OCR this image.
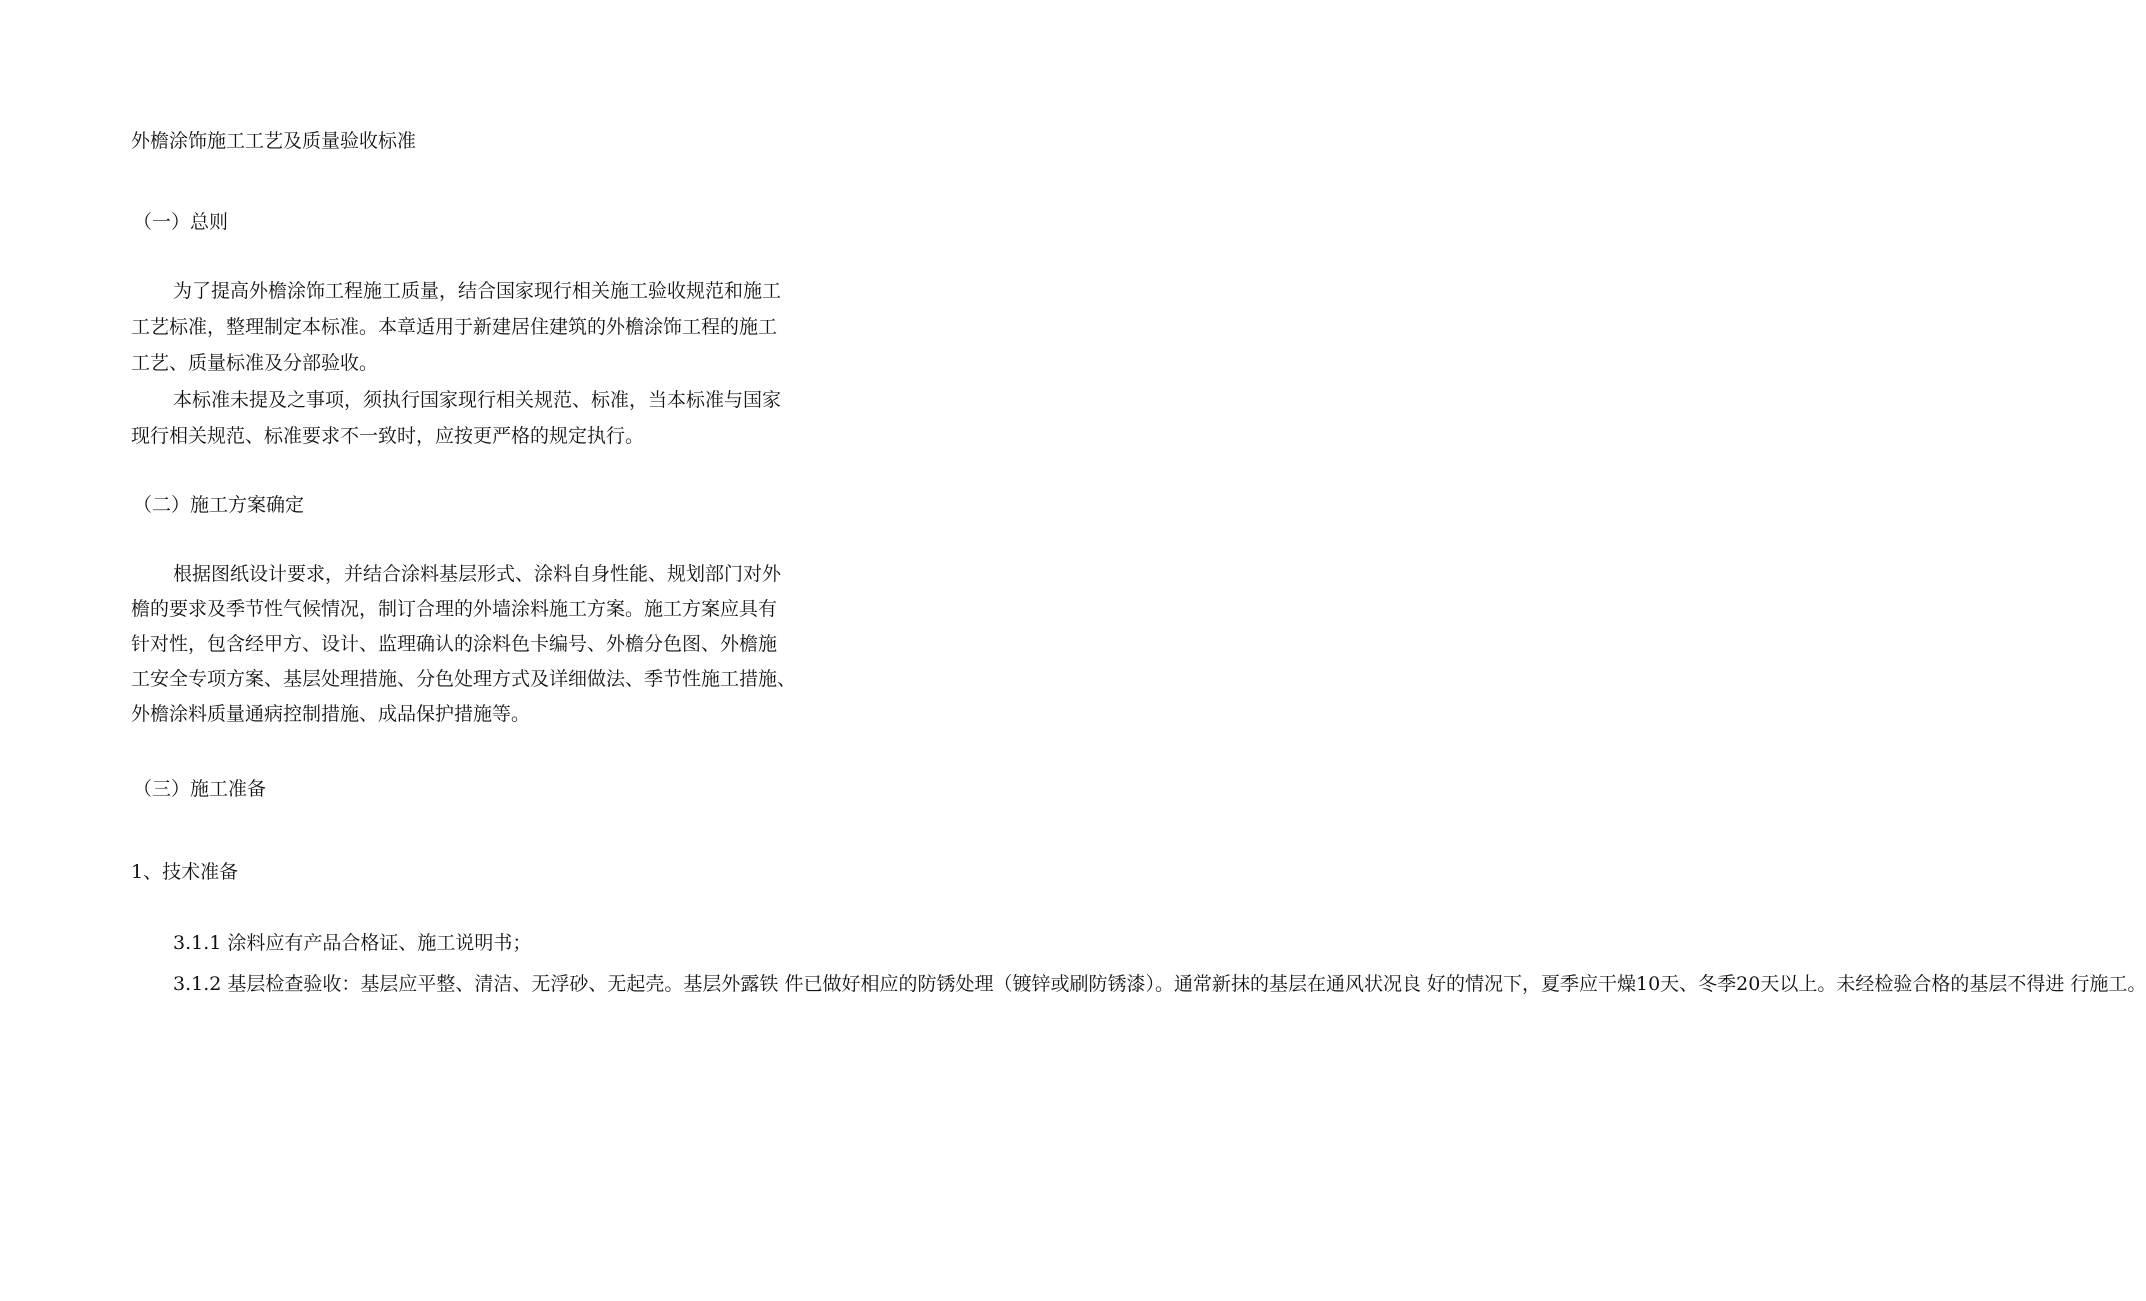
外檐涂饰施工工艺及质量验收标准
（一）总则
为了提高外檐涂饰工程施工质量，结合国家现行相关施工验收规范和施工
工艺标准，整理制定本标准。本章适用于新建居住建筑的外檐涂饰工程的施工
工艺、质量标准及分部验收。
本标准未提及之事项，须执行国家现行相关规范、标准，当本标准与国家
现行相关规范、标准要求不一致时，应按更严格的规定执行。
（二）施工方案确定
根据图纸设计要求，并结合涂料基层形式、涂料自身性能、规划部门对外
檐的要求及季节性气候情况，制订合理的外墙涂料施工方案。施工方案应具有
针对性，包含经甲方、设计、监理确认的涂料色卡编号、外檐分色图、外檐施
工安全专项方案、基层处理措施、分色处理方式及详细做法、季节性施工措施、
外檐涂料质量通病控制措施、成品保护措施等。
（三）施工准备
1、技术准备
3.1.1 涂料应有产品合格证、施工说明书；
3.1.2 基层检查验收：基层应平整、清洁、无浮砂、无起壳。基层外露铁 件已做好相应的防锈处理（镀锌或刷防锈漆）。通常新抹的基层在通风状况良 好的情况下，夏季应干燥10天、冬季20天以上。未经检验合格的基层不得进 行施工。
